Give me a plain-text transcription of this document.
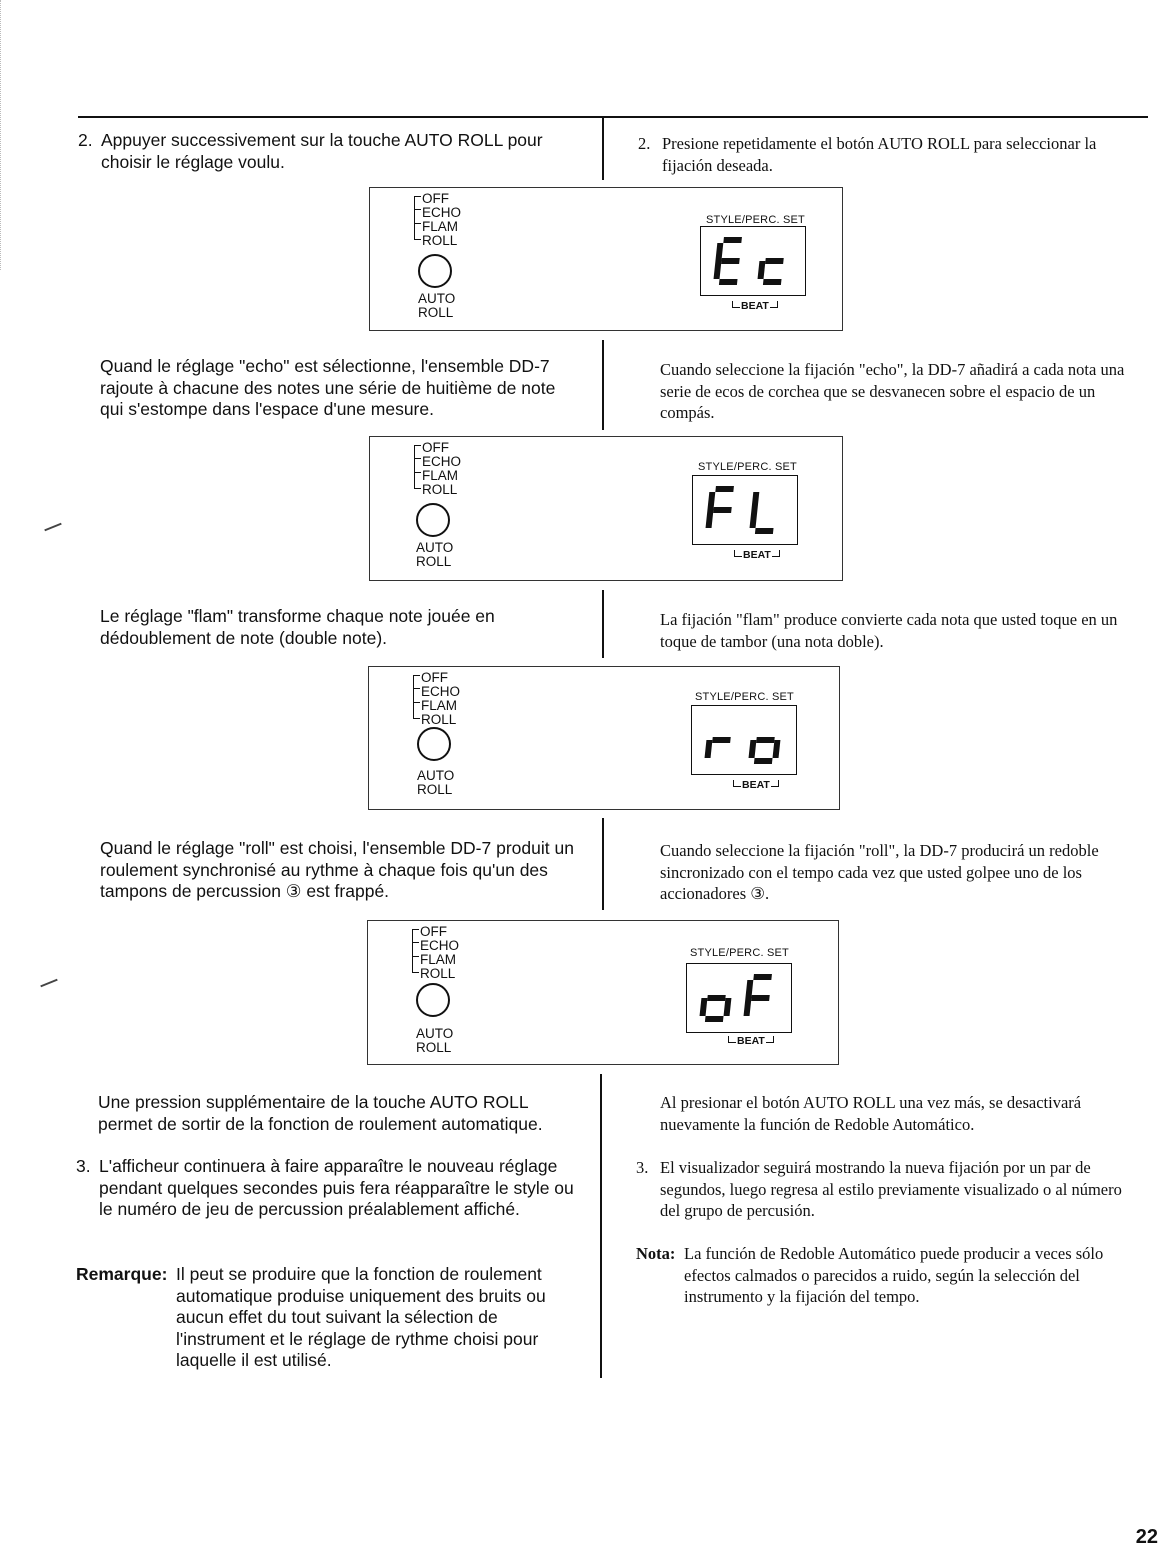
2. Appuyer successivement sur la touche AUTO ROLL pour choisir le réglage voulu.
2. Presione repetidamente el botón AUTO ROLL para seleccionar la fijación deseada.
OFF
ECHO
FLAM
ROLL
AUTO
ROLL
STYLE/PERC. SET
BEAT
Quand le réglage "echo" est sélectionne, l'ensemble DD-7 rajoute à chacune des notes une série de huitième de note qui s'estompe dans l'espace d'une mesure.
Cuando seleccione la fijación "echo", la DD-7 añadirá a cada nota una serie de ecos de corchea que se desvanecen sobre el espacio de un compás.
OFF
ECHO
FLAM
ROLL
AUTO
ROLL
STYLE/PERC. SET
BEAT
Le réglage "flam" transforme chaque note jouée en dédoublement de note (double note).
La fijación "flam" produce convierte cada nota que usted toque en un toque de tambor (una nota doble).
OFF
ECHO
FLAM
ROLL
AUTO
ROLL
STYLE/PERC. SET
BEAT
Quand le réglage "roll" est choisi, l'ensemble DD-7 produit un roulement synchronisé au rythme à chaque fois qu'un des tampons de percussion ③ est frappé.
Cuando seleccione la fijación "roll", la DD-7 producirá un redoble sincronizado con el tempo cada vez que usted golpee uno de los accionadores ③.
OFF
ECHO
FLAM
ROLL
AUTO
ROLL
STYLE/PERC. SET
BEAT
Une pression supplémentaire de la touche AUTO ROLL permet de sortir de la fonction de roulement automatique.
Al presionar el botón AUTO ROLL una vez más, se desactivará nuevamente la función de Redoble Automático.
3. L'afficheur continuera à faire apparaître le nouveau réglage pendant quelques secondes puis fera réapparaître le style ou le numéro de jeu de percussion préalablement affiché.
3. El visualizador seguirá mostrando la nueva fijación por un par de segundos, luego regresa al estilo previamente visualizado o al número del grupo de percusión.
Remarque: Il peut se produire que la fonction de roulement automatique produise uniquement des bruits ou aucun effet du tout suivant la sélection de l'instrument et le réglage de rythme choisi pour laquelle il est utilisé.
Nota: La función de Redoble Automático puede producir a veces sólo efectos calmados o parecidos a ruido, según la selección del instrumento y la fijación del tempo.
22
